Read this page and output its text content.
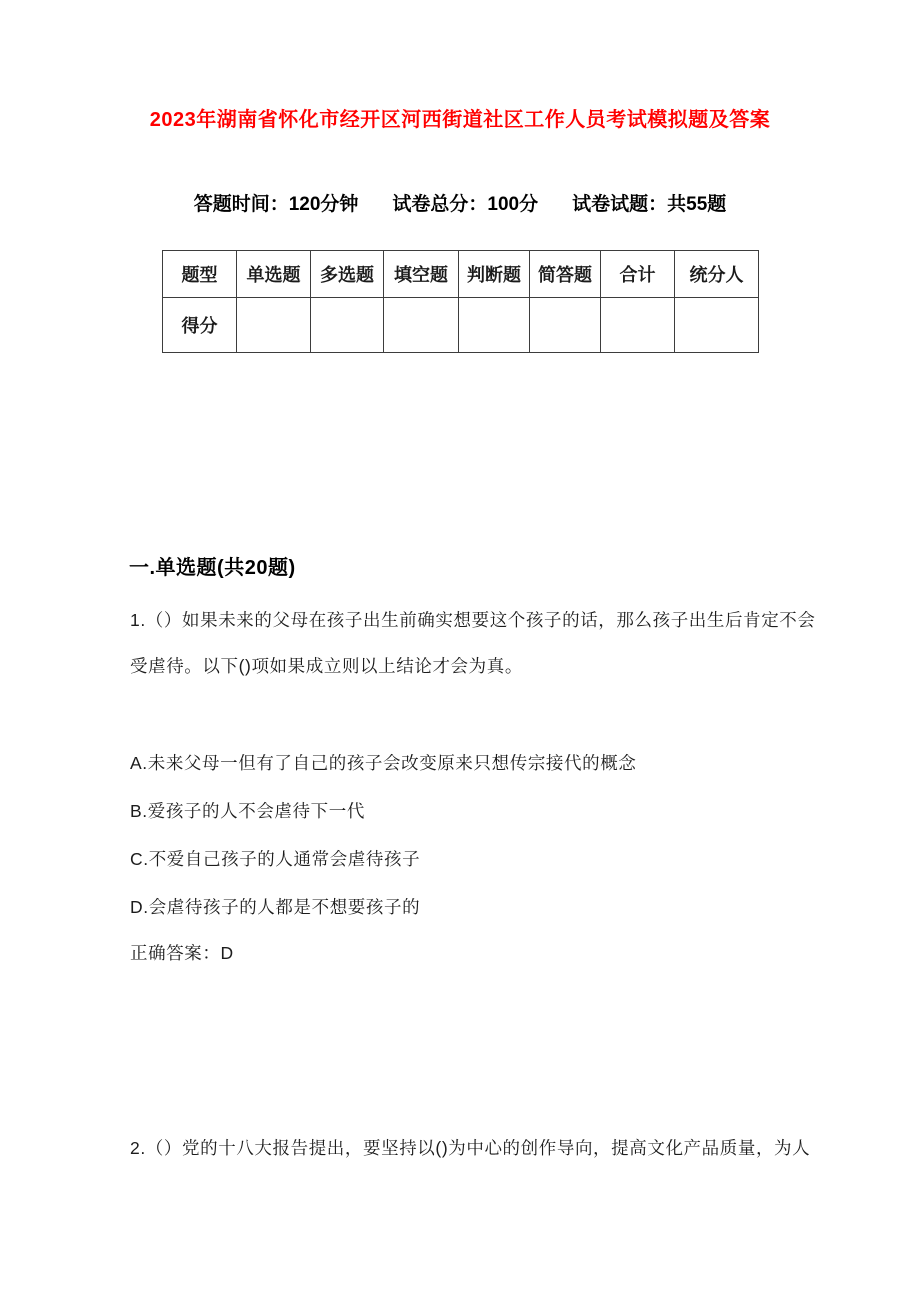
2023年湖南省怀化市经开区河西街道社区工作人员考试模拟题及答案
答题时间：120分钟 试卷总分：100分 试卷试题：共55题
题型	单选题	多选题	填空题	判断题	简答题	合计	统分人
得分							
一.单选题(共20题)
1.（）如果未来的父母在孩子出生前确实想要这个孩子的话，那么孩子出生后肯定不会
受虐待。以下()项如果成立则以上结论才会为真。
A.未来父母一但有了自己的孩子会改变原来只想传宗接代的概念
B.爱孩子的人不会虐待下一代
C.不爱自己孩子的人通常会虐待孩子
D.会虐待孩子的人都是不想要孩子的
正确答案：D
2.（）党的十八大报告提出，要坚持以()为中心的创作导向，提高文化产品质量，为人
